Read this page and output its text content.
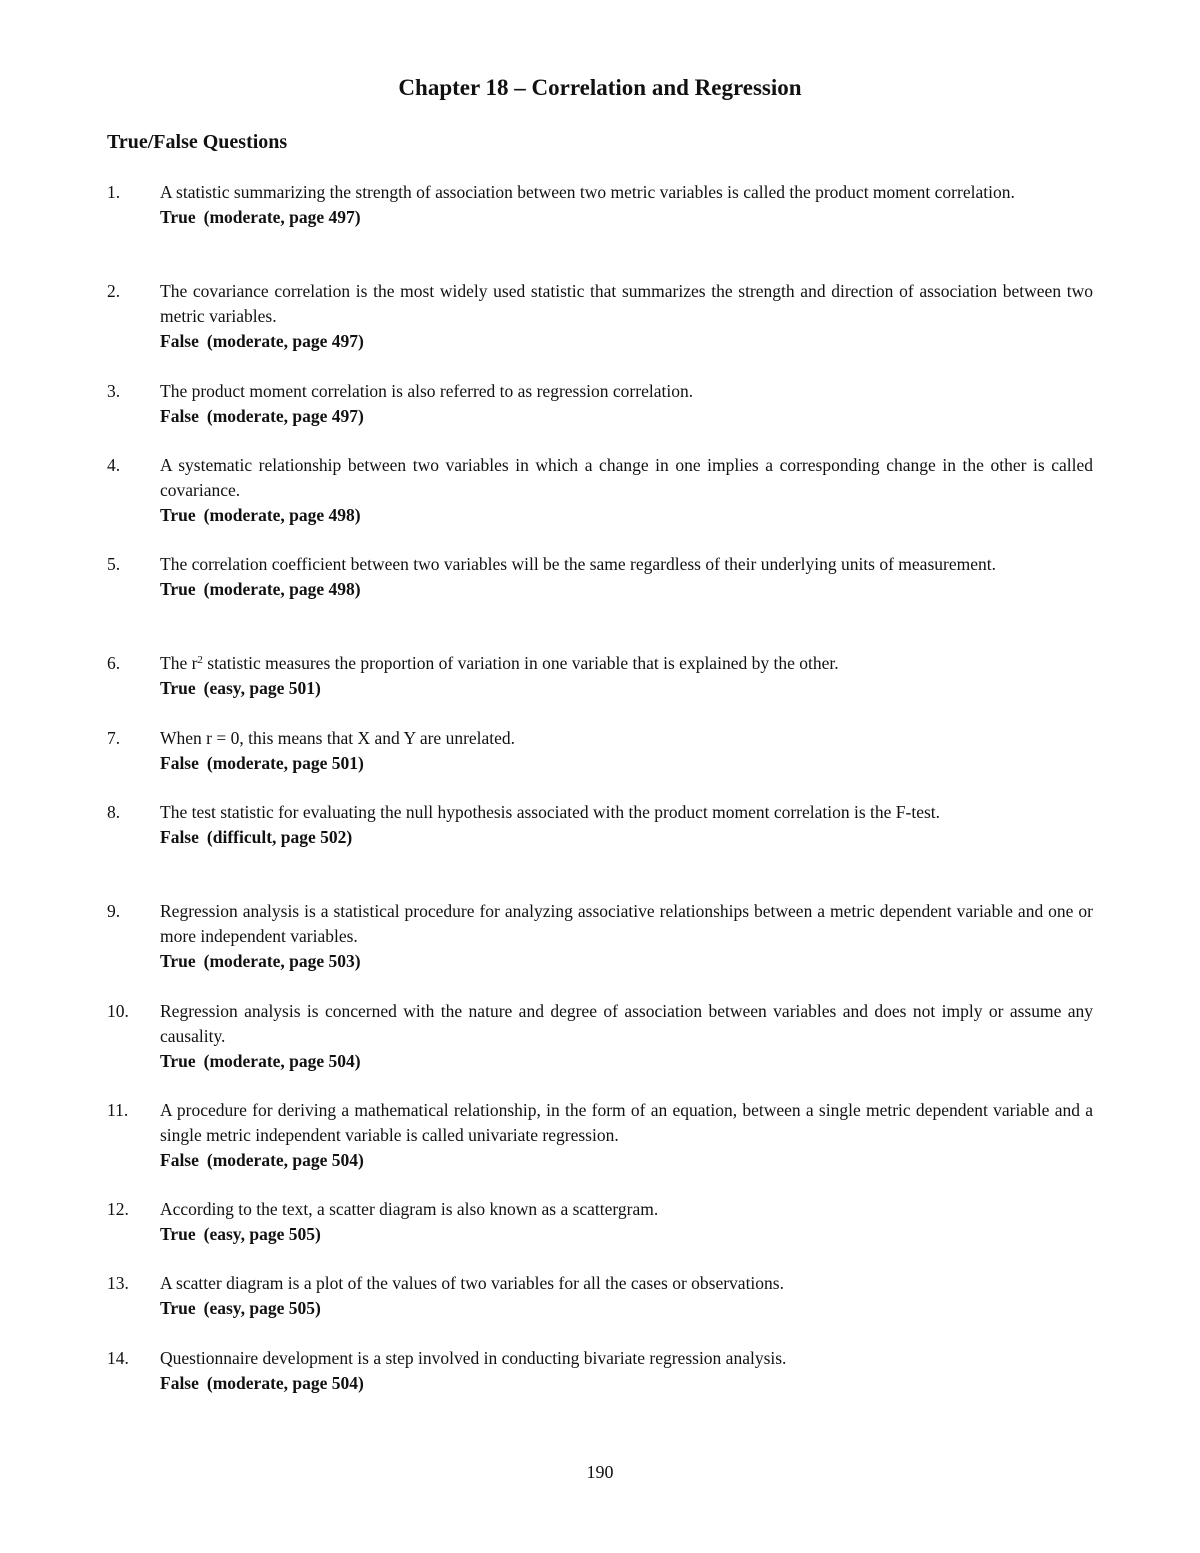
Chapter 18 – Correlation and Regression
True/False Questions
1.	A statistic summarizing the strength of association between two metric variables is called the product moment correlation.
True (moderate, page 497)
2.	The covariance correlation is the most widely used statistic that summarizes the strength and direction of association between two metric variables.
False (moderate, page 497)
3.	The product moment correlation is also referred to as regression correlation.
False (moderate, page 497)
4.	A systematic relationship between two variables in which a change in one implies a corresponding change in the other is called covariance.
True (moderate, page 498)
5.	The correlation coefficient between two variables will be the same regardless of their underlying units of measurement.
True (moderate, page 498)
6.	The $r^2$ statistic measures the proportion of variation in one variable that is explained by the other.
True (easy, page 501)
7.	When r = 0, this means that X and Y are unrelated.
False (moderate, page 501)
8.	The test statistic for evaluating the null hypothesis associated with the product moment correlation is the F-test.
False (difficult, page 502)
9.	Regression analysis is a statistical procedure for analyzing associative relationships between a metric dependent variable and one or more independent variables.
True (moderate, page 503)
10.	Regression analysis is concerned with the nature and degree of association between variables and does not imply or assume any causality.
True (moderate, page 504)
11.	A procedure for deriving a mathematical relationship, in the form of an equation, between a single metric dependent variable and a single metric independent variable is called univariate regression.
False (moderate, page 504)
12.	According to the text, a scatter diagram is also known as a scattergram.
True (easy, page 505)
13.	A scatter diagram is a plot of the values of two variables for all the cases or observations.
True (easy, page 505)
14.	Questionnaire development is a step involved in conducting bivariate regression analysis.
False (moderate, page 504)
190
